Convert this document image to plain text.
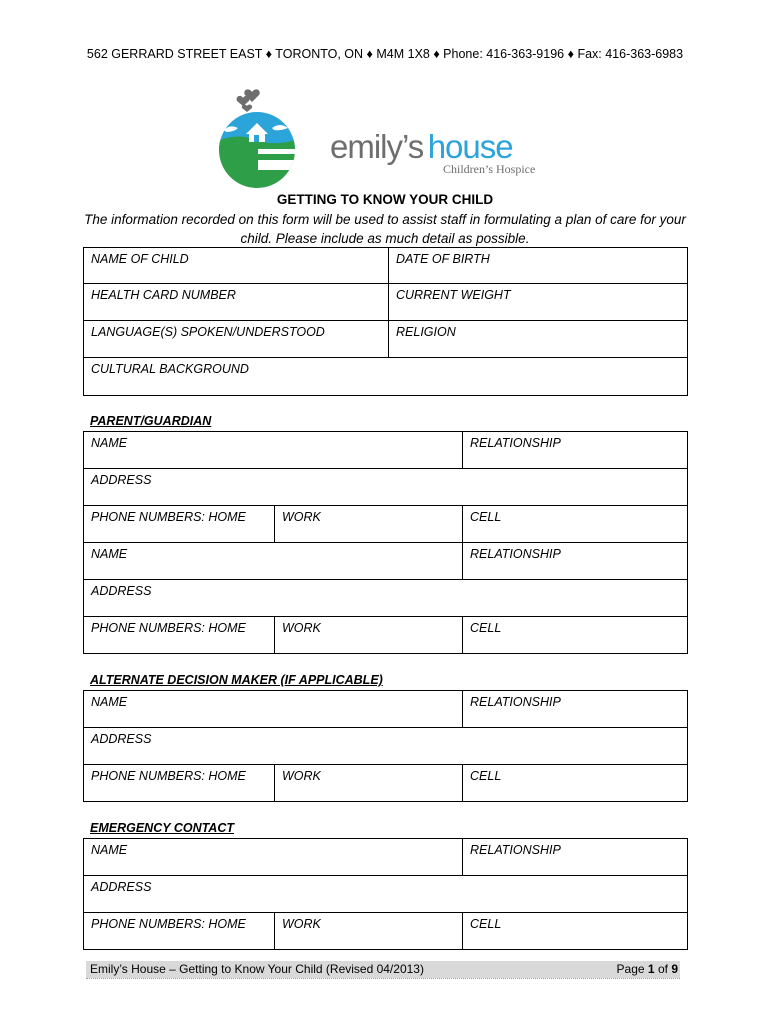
562 GERRARD STREET EAST ♦ TORONTO, ON ♦ M4M 1X8 ♦ Phone: 416-363-9196 ♦ Fax: 416-363-6983
emily’s house
Children’s Hospice
GETTING TO KNOW YOUR CHILD
The information recorded on this form will be used to assist staff in formulating a plan of care for your child. Please include as much detail as possible.
NAME OF CHILD	DATE OF BIRTH
HEALTH CARD NUMBER	CURRENT WEIGHT
LANGUAGE(S) SPOKEN/UNDERSTOOD	RELIGION
CULTURAL BACKGROUND	
PARENT/GUARDIAN
NAME		RELATIONSHIP
ADDRESS		
PHONE NUMBERS: HOME	WORK	CELL
NAME		RELATIONSHIP
ADDRESS		
PHONE NUMBERS: HOME	WORK	CELL
ALTERNATE DECISION MAKER (IF APPLICABLE)
NAME		RELATIONSHIP
ADDRESS		
PHONE NUMBERS: HOME	WORK	CELL
EMERGENCY CONTACT
NAME		RELATIONSHIP
ADDRESS		
PHONE NUMBERS: HOME	WORK	CELL
Emily’s House – Getting to Know Your Child (Revised 04/2013)	Page 1 of 9
